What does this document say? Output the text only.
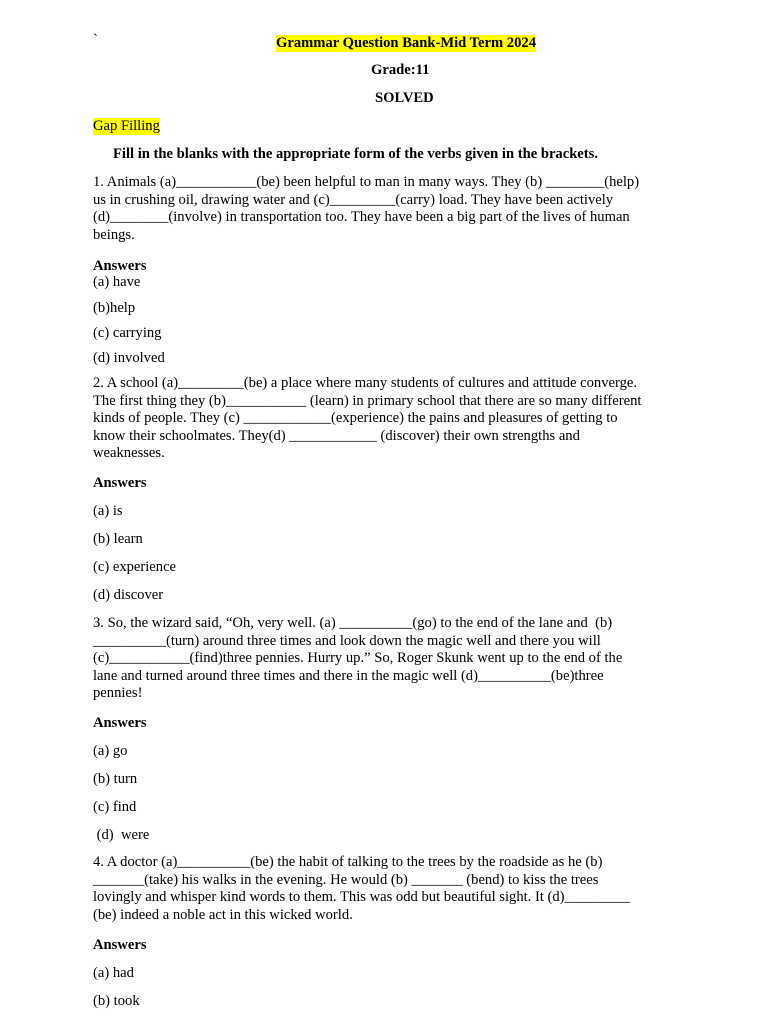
`	Grammar Question Bank-Mid Term 2024
Grade:11
SOLVED
Gap Filling
Fill in the blanks with the appropriate form of the verbs given in the brackets.
1. Animals (a)___________(be) been helpful to man in many ways. They (b) ________(help)
us in crushing oil, drawing water and (c)_________(carry) load. They have been actively
(d)________(involve) in transportation too. They have been a big part of the lives of human
beings.
Answers
(a) have
(b)help
(c) carrying
(d) involved
2. A school (a)_________(be) a place where many students of cultures and attitude converge.
The first thing they (b)___________ (learn) in primary school that there are so many different
kinds of people. They (c) ____________(experience) the pains and pleasures of getting to
know their schoolmates. They(d) ____________ (discover) their own strengths and
weaknesses.
Answers
(a) is
(b) learn
(c) experience
(d) discover
3. So, the wizard said, “Oh, very well. (a) __________(go) to the end of the lane and  (b)
__________(turn) around three times and look down the magic well and there you will
(c)___________(find)three pennies. Hurry up.” So, Roger Skunk went up to the end of the
lane and turned around three times and there in the magic well (d)__________(be)three
pennies!
Answers
(a) go
(b) turn
(c) find
(d)  were
4. A doctor (a)__________(be) the habit of talking to the trees by the roadside as he (b)
_______(take) his walks in the evening. He would (b) _______ (bend) to kiss the trees
lovingly and whisper kind words to them. This was odd but beautiful sight. It (d)_________
(be) indeed a noble act in this wicked world.
Answers
(a) had
(b) took
